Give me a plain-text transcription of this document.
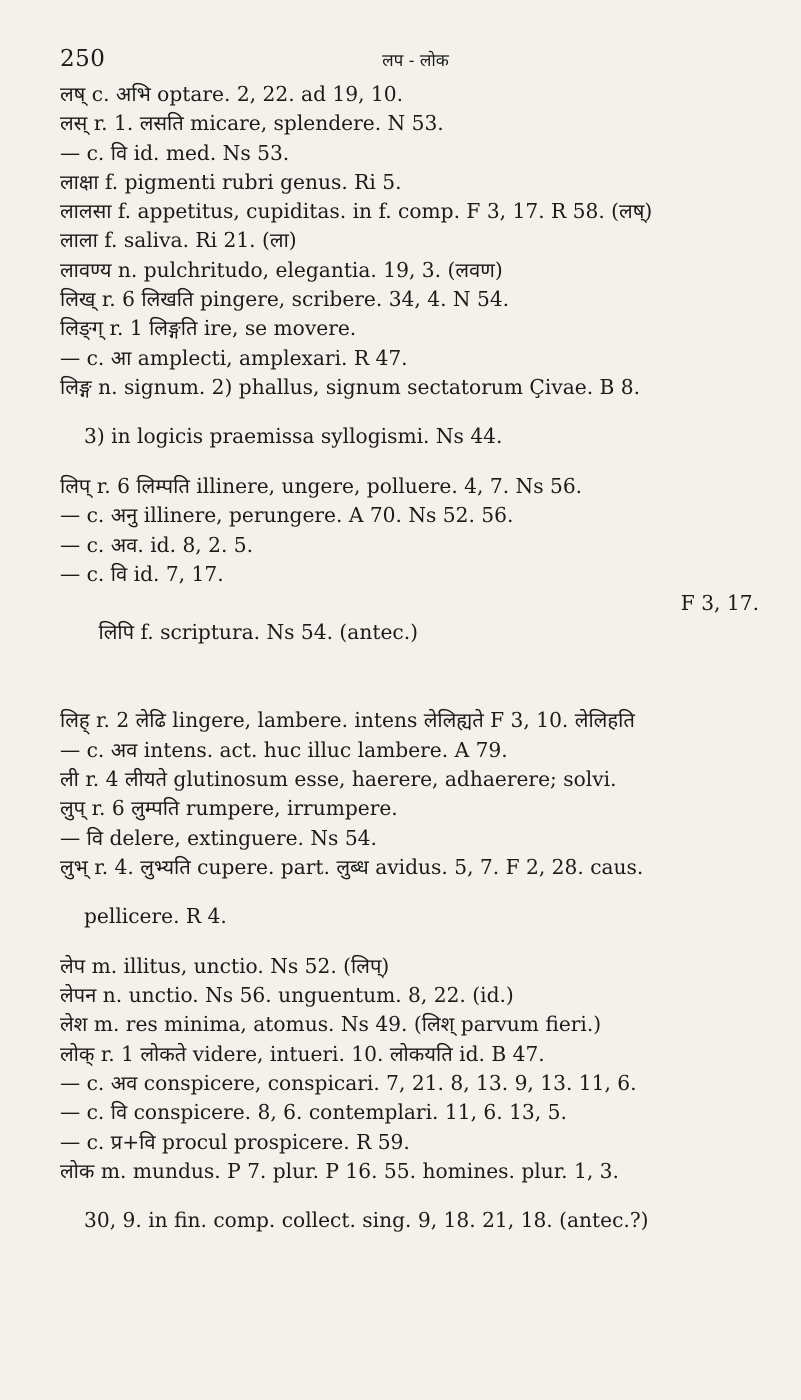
250	लप - लोक

लष् c. अभि optare. 2, 22. ad 19, 10.

लस् r. 1. लसति micare, splendere. N 53.

— c. वि id. med. Ns 53.

लाक्षा f. pigmenti rubri genus. Ri 5.

लालसा f. appetitus, cupiditas. in f. comp. F 3, 17. R 58. (लष्)

लाला f. saliva. Ri 21. (ला)

लावण्य n. pulchritudo, elegantia. 19, 3. (लवण)

लिख् r. 6 लिखति pingere, scribere. 34, 4. N 54.

लिङ्ग् r. 1 लिङ्गति ire, se movere.

— c. आ amplecti, amplexari. R 47.

लिङ्ग n. signum. 2) phallus, signum sectatorum Çivae. B 8.

3) in logicis praemissa syllogismi. Ns 44.

लिप् r. 6 लिम्पति illinere, ungere, polluere. 4, 7. Ns 56.

— c. अनु illinere, perungere. A 70. Ns 52. 56.

— c. अव. id. 8, 2. 5.

— c. वि id. 7, 17.

लिपि f. scriptura. Ns 54. (antec.)

F 3, 17.

लिह् r. 2 लेढि lingere, lambere. intens लेलिह्यते F 3, 10. लेलिहति

— c. अव intens. act. huc illuc lambere. A 79.

ली r. 4 लीयते glutinosum esse, haerere, adhaerere; solvi.

लुप् r. 6 लुम्पति rumpere, irrumpere.

— वि delere, extinguere. Ns 54.

लुभ् r. 4. लुभ्यति cupere. part. लुब्ध avidus. 5, 7. F 2, 28. caus.

pellicere. R 4.

लेप m. illitus, unctio. Ns 52. (लिप्)

लेपन n. unctio. Ns 56. unguentum. 8, 22. (id.)

लेश m. res minima, atomus. Ns 49. (लिश् parvum fieri.)

लोक् r. 1 लोकते videre, intueri. 10. लोकयति id. B 47.

— c. अव conspicere, conspicari. 7, 21. 8, 13. 9, 13. 11, 6.

— c. वि conspicere. 8, 6. contemplari. 11, 6. 13, 5.

— c. प्र+वि procul prospicere. R 59.

लोक m. mundus. P 7. plur. P 16. 55. homines. plur. 1, 3.

30, 9. in fin. comp. collect. sing. 9, 18. 21, 18. (antec.?)
